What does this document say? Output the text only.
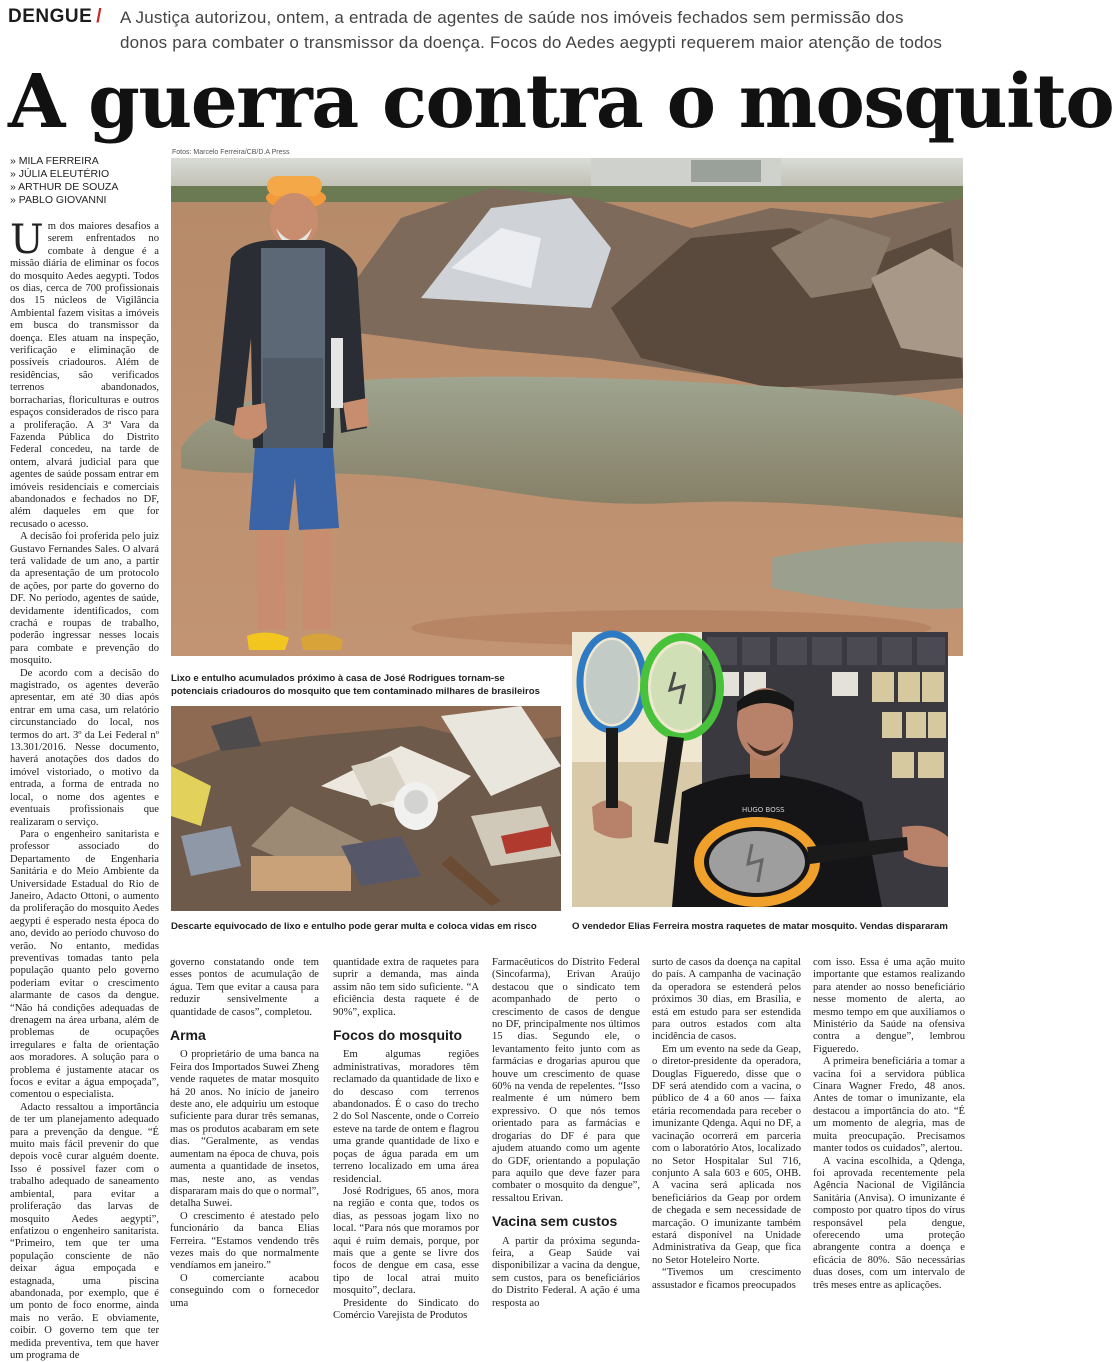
DENGUE / A Justiça autorizou, ontem, a entrada de agentes de saúde nos imóveis fechados sem permissão dos
donos para combater o transmissor da doença. Focos do Aedes aegypti requerem maior atenção de todos
A guerra contra o mosquito
» MILA FERREIRA
» JÚLIA ELEUTÉRIO
» ARTHUR DE SOUZA
» PABLO GIOVANNI
Fotos: Marcelo Ferreira/CB/D.A Press
Lixo e entulho acumulados próximo à casa de José Rodrigues tornam-se potenciais criadouros do mosquito que tem contaminado milhares de brasileiros
Descarte equivocado de lixo e entulho pode gerar multa e coloca vidas em risco
HUGO BOSS
O vendedor Elias Ferreira mostra raquetes de matar mosquito. Vendas dispararam
U m dos maiores desafios a serem enfrentados no combate à dengue é a missão diária de eliminar os focos do mosquito Aedes aegypti. Todos os dias, cerca de 700 profissionais dos 15 núcleos de Vigilância Ambiental fazem visitas a imóveis em busca do transmissor da doença. Eles atuam na inspeção, verificação e eliminação de possíveis criadouros. Além de residências, são verificados terrenos abandonados, borracharias, floriculturas e outros espaços considerados de risco para a proliferação. A 3ª Vara da Fazenda Pública do Distrito Federal concedeu, na tarde de ontem, alvará judicial para que agentes de saúde possam entrar em imóveis residenciais e comerciais abandonados e fechados no DF, além daqueles em que for recusado o acesso.

A decisão foi proferida pelo juiz Gustavo Fernandes Sales. O alvará terá validade de um ano, a partir da apresentação de um protocolo de ações, por parte do governo do DF. No período, agentes de saúde, devidamente identificados, com crachá e roupas de trabalho, poderão ingressar nesses locais para combate e prevenção do mosquito.

De acordo com a decisão do magistrado, os agentes deverão apresentar, em até 30 dias após entrar em uma casa, um relatório circunstanciado do local, nos termos do art. 3º da Lei Federal nº 13.301/2016. Nesse documento, haverá anotações dos dados do imóvel vistoriado, o motivo da entrada, a forma de entrada no local, o nome dos agentes e eventuais profissionais que realizaram o serviço.

Para o engenheiro sanitarista e professor associado do Departamento de Engenharia Sanitária e do Meio Ambiente da Universidade Estadual do Rio de Janeiro, Adacto Ottoni, o aumento da proliferação do mosquito Aedes aegypti é esperado nesta época do ano, devido ao período chuvoso do verão. No entanto, medidas preventivas tomadas tanto pela população quanto pelo governo poderiam evitar o crescimento alarmante de casos da dengue. “Não há condições adequadas de drenagem na área urbana, além de problemas de ocupações irregulares e falta de orientação aos moradores. A solução para o problema é justamente atacar os focos e evitar a água empoçada”, comentou o especialista.

Adacto ressaltou a importância de ter um planejamento adequado para a prevenção da dengue. “É muito mais fácil prevenir do que depois você curar alguém doente. Isso é possível fazer com o trabalho adequado de saneamento ambiental, para evitar a proliferação das larvas de mosquito Aedes aegypti”, enfatizou o engenheiro sanitarista. “Primeiro, tem que ter uma população consciente de não deixar água empoçada e estagnada, uma piscina abandonada, por exemplo, que é um ponto de foco enorme, ainda mais no verão. E obviamente, coibir. O governo tem que ter medida preventiva, tem que haver um programa de

governo constatando onde tem esses pontos de acumulação de água. Tem que evitar a causa para reduzir sensivelmente a quantidade de casos”, completou.

Arma

O proprietário de uma banca na Feira dos Importados Suwei Zheng vende raquetes de matar mosquito há 20 anos. No início de janeiro deste ano, ele adquiriu um estoque suficiente para durar três semanas, mas os produtos acabaram em sete dias. “Geralmente, as vendas aumentam na época de chuva, pois aumenta a quantidade de insetos, mas, neste ano, as vendas dispararam mais do que o normal”, detalha Suwei.

O crescimento é atestado pelo funcionário da banca Elias Ferreira. “Estamos vendendo três vezes mais do que normalmente vendíamos em janeiro.”

O comerciante acabou conseguindo com o fornecedor uma

quantidade extra de raquetes para suprir a demanda, mas ainda assim não tem sido suficiente. “A eficiência desta raquete é de 90%”, explica.

Focos do mosquito

Em algumas regiões administrativas, moradores têm reclamado da quantidade de lixo e do descaso com terrenos abandonados. É o caso do trecho 2 do Sol Nascente, onde o Correio esteve na tarde de ontem e flagrou uma grande quantidade de lixo e poças de água parada em um terreno localizado em uma área residencial.

José Rodrigues, 65 anos, mora na região e conta que, todos os dias, as pessoas jogam lixo no local. “Para nós que moramos por aqui é ruim demais, porque, por mais que a gente se livre dos focos de dengue em casa, esse tipo de local atrai muito mosquito”, declara.

Presidente do Sindicato do Comércio Varejista de Produtos

Farmacêuticos do Distrito Federal (Sincofarma), Erivan Araújo destacou que o sindicato tem acompanhado de perto o crescimento de casos de dengue no DF, principalmente nos últimos 15 dias. Segundo ele, o levantamento feito junto com as farmácias e drogarias apurou que houve um crescimento de quase 60% na venda de repelentes. “Isso realmente é um número bem expressivo. O que nós temos orientado para as farmácias e drogarias do DF é para que ajudem atuando como um agente do GDF, orientando a população para aquilo que deve fazer para combater o mosquito da dengue”, ressaltou Erivan.

Vacina sem custos

A partir da próxima segunda-feira, a Geap Saúde vai disponibilizar a vacina da dengue, sem custos, para os beneficiários do Distrito Federal. A ação é uma resposta ao

surto de casos da doença na capital do país. A campanha de vacinação da operadora se estenderá pelos próximos 30 dias, em Brasília, e está em estudo para ser estendida para outros estados com alta incidência de casos.

Em um evento na sede da Geap, o diretor-presidente da operadora, Douglas Figueredo, disse que o DF será atendido com a vacina, o público de 4 a 60 anos — faixa etária recomendada para receber o imunizante Qdenga. Aqui no DF, a vacinação ocorrerá em parceria com o laboratório Atos, localizado no Setor Hospitalar Sul 716, conjunto A sala 603 e 605, OHB. A vacina será aplicada nos beneficiários da Geap por ordem de chegada e sem necessidade de marcação. O imunizante também estará disponível na Unidade Administrativa da Geap, que fica no Setor Hoteleiro Norte.

“Tivemos um crescimento assustador e ficamos preocupados

com isso. Essa é uma ação muito importante que estamos realizando para atender ao nosso beneficiário nesse momento de alerta, ao mesmo tempo em que auxiliamos o Ministério da Saúde na ofensiva contra a dengue”, lembrou Figueredo.

A primeira beneficiária a tomar a vacina foi a servidora pública Cinara Wagner Fredo, 48 anos. Antes de tomar o imunizante, ela destacou a importância do ato. “É um momento de alegria, mas de muita preocupação. Precisamos manter todos os cuidados”, alertou.

A vacina escolhida, a Qdenga, foi aprovada recentemente pela Agência Nacional de Vigilância Sanitária (Anvisa). O imunizante é composto por quatro tipos do vírus responsável pela dengue, oferecendo uma proteção abrangente contra a doença e eficácia de 80%. São necessárias duas doses, com um intervalo de três meses entre as aplicações.
